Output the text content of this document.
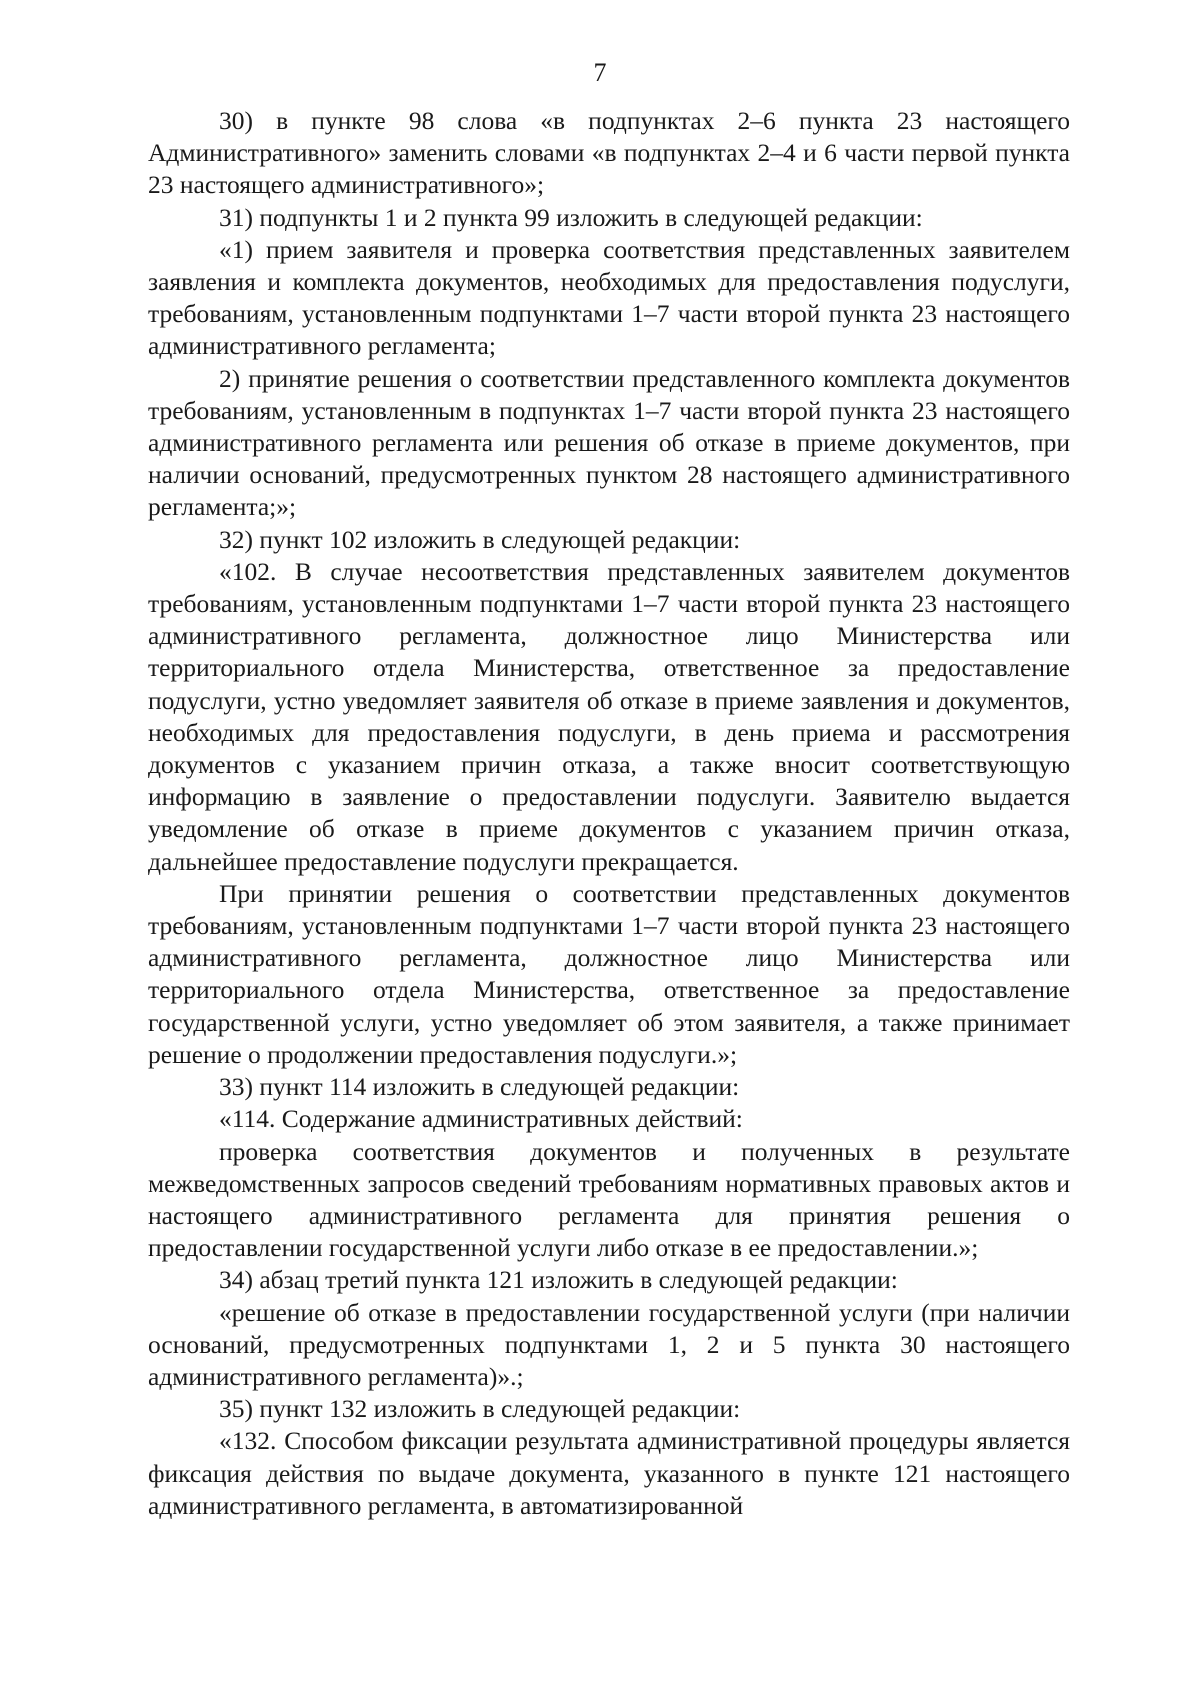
7

30) в пункте 98 слова «в подпунктах 2–6 пункта 23 настоящего Административного» заменить словами «в подпунктах 2–4 и 6 части первой пункта 23 настоящего административного»;

31) подпункты 1 и 2 пункта 99 изложить в следующей редакции:

«1) прием заявителя и проверка соответствия представленных заявителем заявления и комплекта документов, необходимых для предоставления подуслуги, требованиям, установленным подпунктами 1–7 части второй пункта 23 настоящего административного регламента;

2) принятие решения о соответствии представленного комплекта документов требованиям, установленным в подпунктах 1–7 части второй пункта 23 настоящего административного регламента или решения об отказе в приеме документов, при наличии оснований, предусмотренных пунктом 28 настоящего административного регламента;»;

32) пункт 102 изложить в следующей редакции:

«102. В случае несоответствия представленных заявителем документов требованиям, установленным подпунктами 1–7 части второй пункта 23 настоящего административного регламента, должностное лицо Министерства или территориального отдела Министерства, ответственное за предоставление подуслуги, устно уведомляет заявителя об отказе в приеме заявления и документов, необходимых для предоставления подуслуги, в день приема и рассмотрения документов с указанием причин отказа, а также вносит соответствующую информацию в заявление о предоставлении подуслуги. Заявителю выдается уведомление об отказе в приеме документов с указанием причин отказа, дальнейшее предоставление подуслуги прекращается.

При принятии решения о соответствии представленных документов требованиям, установленным подпунктами 1–7 части второй пункта 23 настоящего административного регламента, должностное лицо Министерства или территориального отдела Министерства, ответственное за предоставление государственной услуги, устно уведомляет об этом заявителя, а также принимает решение о продолжении предоставления подуслуги.»;

33) пункт 114 изложить в следующей редакции:

«114. Содержание административных действий:

проверка соответствия документов и полученных в результате межведомственных запросов сведений требованиям нормативных правовых актов и настоящего административного регламента для принятия решения о предоставлении государственной услуги либо отказе в ее предоставлении.»;

34) абзац третий пункта 121 изложить в следующей редакции:

«решение об отказе в предоставлении государственной услуги (при наличии оснований, предусмотренных подпунктами 1, 2 и 5 пункта 30 настоящего административного регламента)».;

35) пункт 132 изложить в следующей редакции:

«132. Способом фиксации результата административной процедуры является фиксация действия по выдаче документа, указанного в пункте 121 настоящего административного регламента, в автоматизированной
